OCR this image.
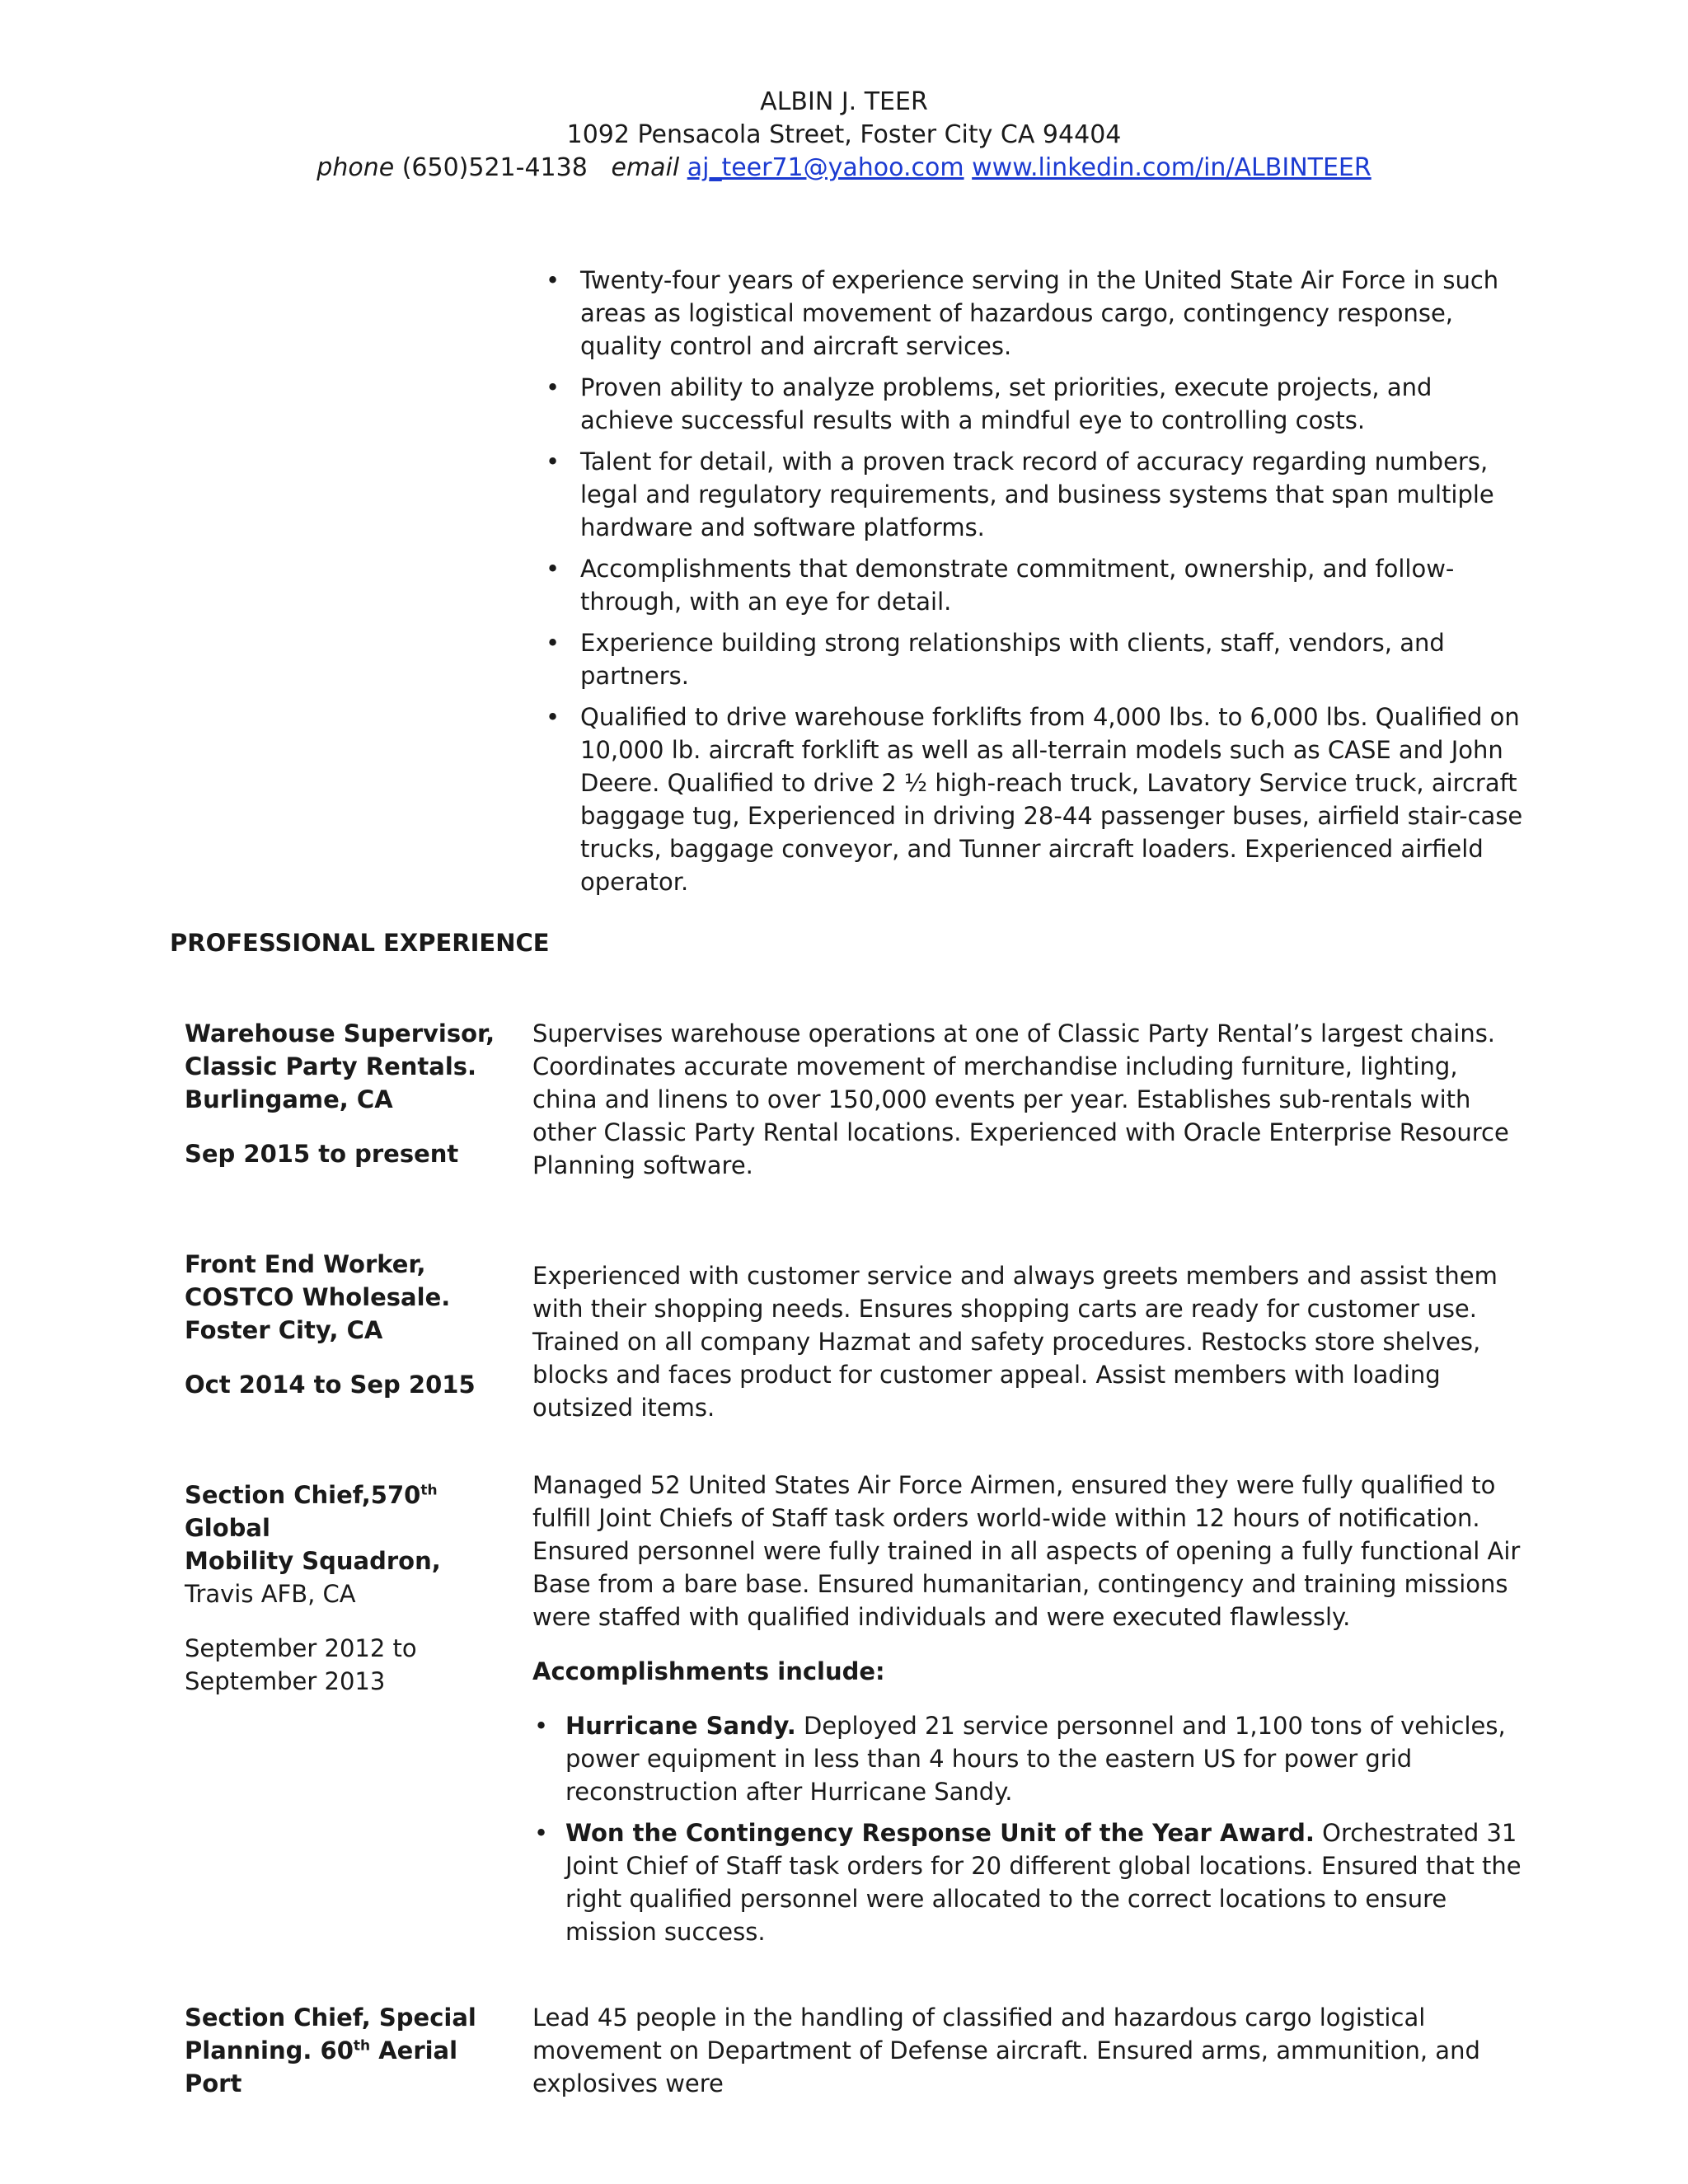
ALBIN J. TEER
1092 Pensacola Street, Foster City CA 94404
phone (650)521-4138 email aj_teer71@yahoo.com www.linkedin.com/in/ALBINTEER
• Twenty-four years of experience serving in the United State Air Force in such areas as logistical movement of hazardous cargo, contingency response, quality control and aircraft services.
• Proven ability to analyze problems, set priorities, execute projects, and achieve successful results with a mindful eye to controlling costs.
• Talent for detail, with a proven track record of accuracy regarding numbers, legal and regulatory requirements, and business systems that span multiple hardware and software platforms.
• Accomplishments that demonstrate commitment, ownership, and follow-through, with an eye for detail.
• Experience building strong relationships with clients, staff, vendors, and partners.
• Qualified to drive warehouse forklifts from 4,000 lbs. to 6,000 lbs. Qualified on 10,000 lb. aircraft forklift as well as all-terrain models such as CASE and John Deere. Qualified to drive 2 ½ high-reach truck, Lavatory Service truck, aircraft baggage tug, Experienced in driving 28-44 passenger buses, airfield stair-case trucks, baggage conveyor, and Tunner aircraft loaders. Experienced airfield operator.
PROFESSIONAL EXPERIENCE
Warehouse Supervisor,
Classic Party Rentals.
Burlingame, CA
Sep 2015 to present

Supervises warehouse operations at one of Classic Party Rental’s largest chains. Coordinates accurate movement of merchandise including furniture, lighting, china and linens to over 150,000 events per year. Establishes sub-rentals with other Classic Party Rental locations. Experienced with Oracle Enterprise Resource Planning software.

Front End Worker,
COSTCO Wholesale.
Foster City, CA
Oct 2014 to Sep 2015

Experienced with customer service and always greets members and assist them with their shopping needs. Ensures shopping carts are ready for customer use. Trained on all company Hazmat and safety procedures. Restocks store shelves, blocks and faces product for customer appeal. Assist members with loading outsized items.

Section Chief,570th Global
Mobility Squadron,
Travis AFB, CA
September 2012 to
September 2013

Managed 52 United States Air Force Airmen, ensured they were fully qualified to fulfill Joint Chiefs of Staff task orders world-wide within 12 hours of notification. Ensured personnel were fully trained in all aspects of opening a fully functional Air Base from a bare base. Ensured humanitarian, contingency and training missions were staffed with qualified individuals and were executed flawlessly.

Accomplishments include:
• Hurricane Sandy. Deployed 21 service personnel and 1,100 tons of vehicles, power equipment in less than 4 hours to the eastern US for power grid reconstruction after Hurricane Sandy.
• Won the Contingency Response Unit of the Year Award. Orchestrated 31 Joint Chief of Staff task orders for 20 different global locations. Ensured that the right qualified personnel were allocated to the correct locations to ensure mission success.
Section Chief, Special
Planning. 60th Aerial Port

Lead 45 people in the handling of classified and hazardous cargo logistical movement on Department of Defense aircraft. Ensured arms, ammunition, and explosives were
